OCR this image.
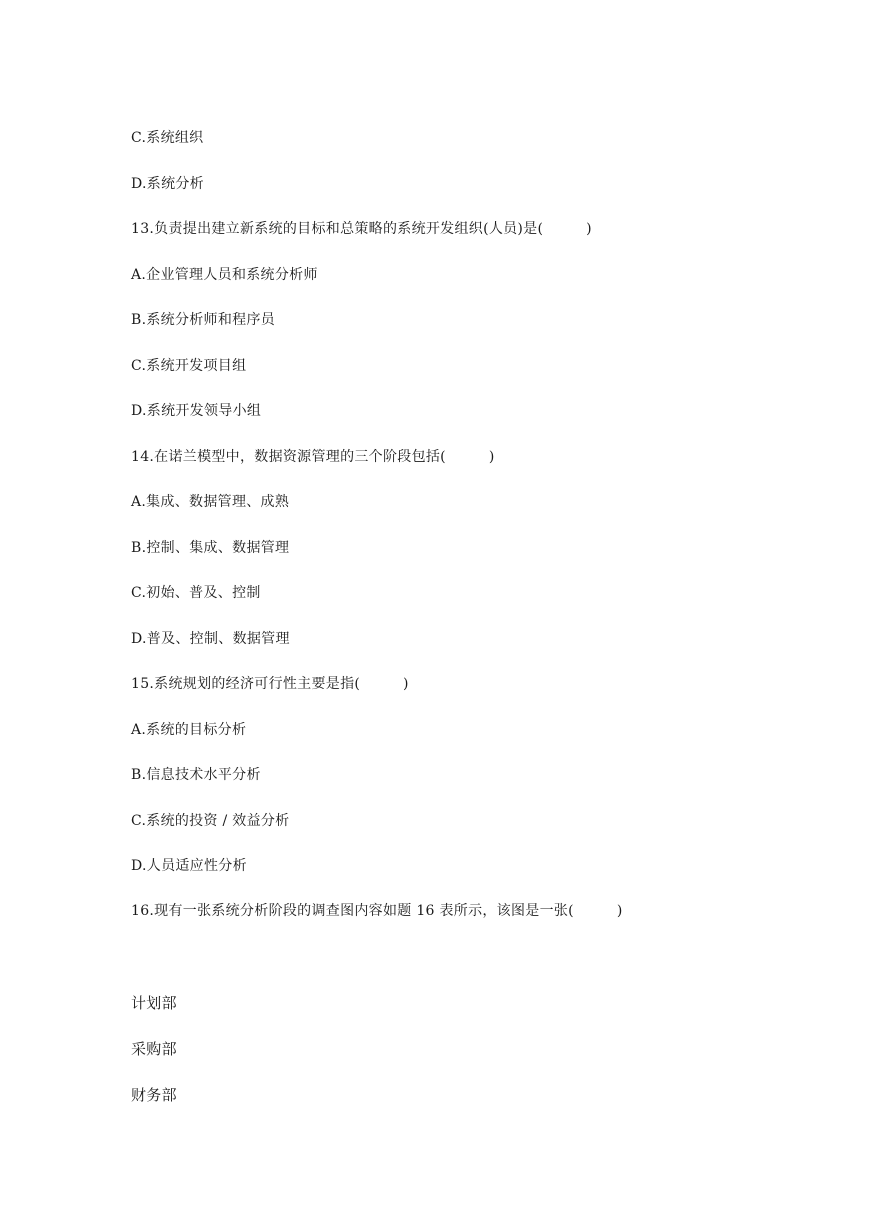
C.系统组织
D.系统分析
13.负责提出建立新系统的目标和总策略的系统开发组织(人员)是(　　　)
A.企业管理人员和系统分析师
B.系统分析师和程序员
C.系统开发项目组
D.系统开发领导小组
14.在诺兰模型中，数据资源管理的三个阶段包括(　　　)
A.集成、数据管理、成熟
B.控制、集成、数据管理
C.初始、普及、控制
D.普及、控制、数据管理
15.系统规划的经济可行性主要是指(　　　)
A.系统的目标分析
B.信息技术水平分析
C.系统的投资 / 效益分析
D.人员适应性分析
16.现有一张系统分析阶段的调查图内容如题 16 表所示，该图是一张(　　　)
计划部
采购部
财务部
